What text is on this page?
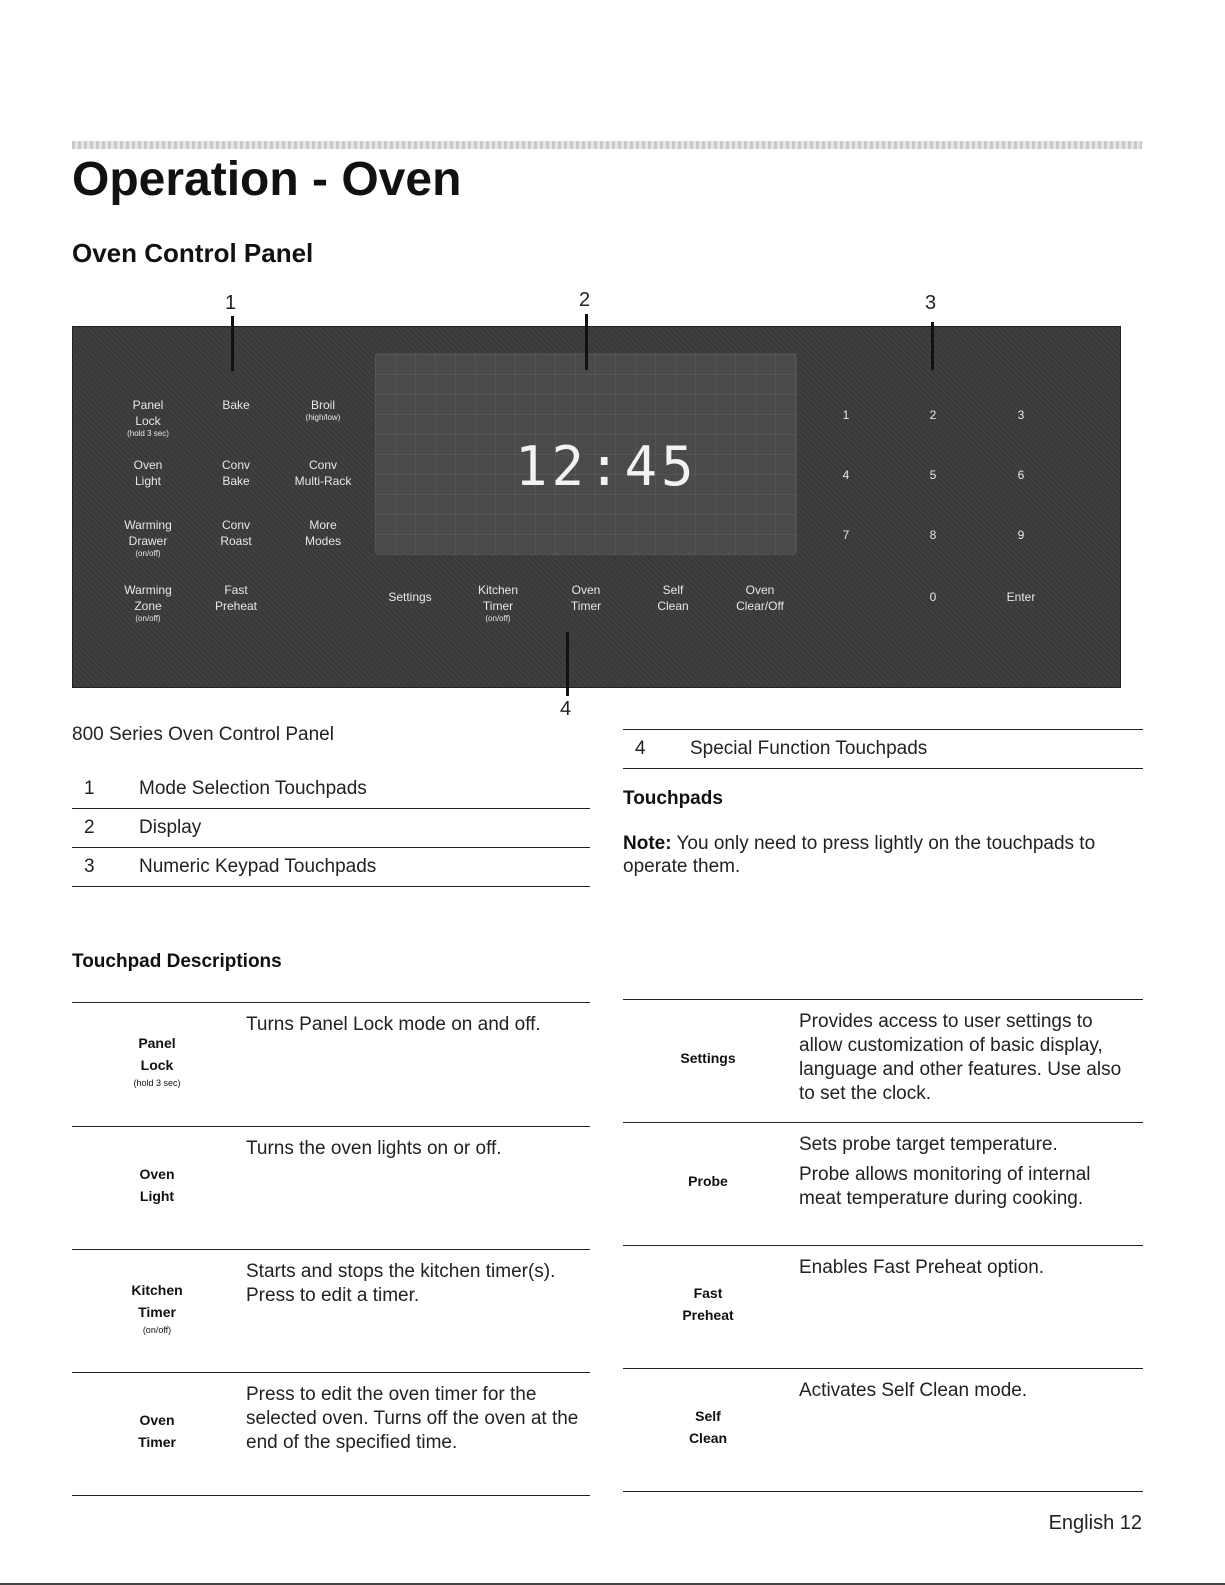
Operation - Oven
Oven Control Panel
1	2	3
4
12:45
Panel
Lock
(hold 3 sec)
Bake	Broil
(high/low)
Oven
Light
Conv
Bake
Conv
Multi-Rack
Warming
Drawer
(on/off)
Conv
Roast
More
Modes
Warming
Zone
(on/off)
Fast
Preheat
Settings	Kitchen
Timer
(on/off)
Oven
Timer
Self
Clean
Oven
Clear/Off
1	2	3
4	5	6
7	8	9
0	Enter
800 Series Oven Control Panel
1	Mode Selection Touchpads
2	Display
3	Numeric Keypad Touchpads
4	Special Function Touchpads
Touchpads
Note: You only need to press lightly on the touchpads to operate them.
Touchpad Descriptions
Panel
Lock
(hold 3 sec)

Turns Panel Lock mode on and off.

Oven
Light

Turns the oven lights on or off.

Kitchen
Timer
(on/off)

Starts and stops the kitchen timer(s). Press to edit a timer.

Oven
Timer

Press to edit the oven timer for the selected oven. Turns off the oven at the end of the specified time.

Settings

Provides access to user settings to allow customization of basic display, language and other features. Use also to set the clock.

Probe

Sets probe target temperature.

Probe allows monitoring of internal meat temperature during cooking.

Fast
Preheat

Enables Fast Preheat option.

Self
Clean

Activates Self Clean mode.

English 12
